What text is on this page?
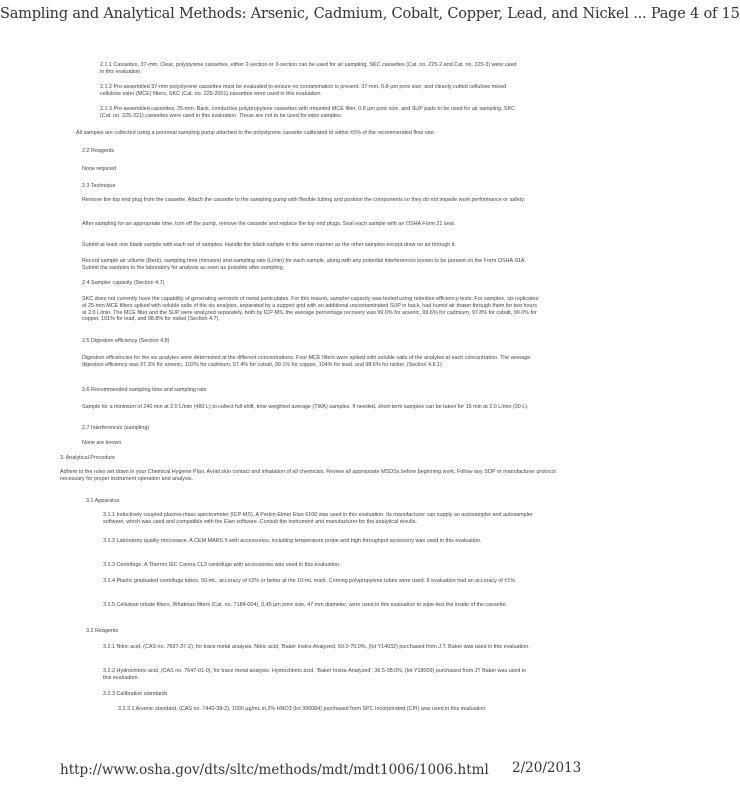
Sampling and Analytical Methods: Arsenic, Cadmium, Cobalt, Copper, Lead, and Nickel ... Page 4 of 15

2.1.1 Cassettes, 37-mm. Clear, polystyrene cassettes, either 2-section or 3-section can be used for air sampling. SKC cassettes (Cat. no. 225-2 and Cat. no. 225-3) were used in this evaluation.

2.1.2 Pre-assembled 37-mm polystyrene cassettes must be evaluated to ensure no contamination is present. 37-mm, 0.8-µm pore size, and cleanly cutted cellulose mixed cellulose ester (MCE) filters, SKC (Cat. no. 225-2001) cassettes were used in this evaluation.

2.1.3 Pre-assembled cassettes, 25-mm. Back, conductive polypropylene cassettes with mounted MCE filter, 0.8 µm pore size, and SUP pads to be used for air sampling. SKC (Cat. no. 225-321) cassettes were used in this evaluation. These are not to be used for wipe samples.

All samples are collected using a personal sampling pump attached to the polystyrene cassette calibrated to within ±5% of the recommended flow rate.

2.2 Reagents

None required

2.3 Technique

Remove the top end plug from the cassette. Attach the cassette to the sampling pump with flexible tubing and position the components so they do not impede work performance or safety.

After sampling for an appropriate time, turn off the pump, remove the cassette and replace the top end plugs. Seal each sample with an OSHA Form 21 seal.

Submit at least one blank sample with each set of samples. Handle the blank sample in the same manner as the other samples except draw no air through it.

Record sample air volume (liters), sampling time (minutes) and sampling rate (L/min) for each sample, along with any potential interferences known to be present on the Form OSHA-91A. Submit the samples to the laboratory for analysis as soon as possible after sampling.

2.4 Sampler capacity (Section 4.7)

SKC does not currently have the capability of generating aerosols of metal particulates. For this reason, sampler capacity was tested using retention efficiency tests. For samples, six replicates of 25-mm MCE filters spiked with soluble salts of the six analytes, separated by a support grid with an additional uncontaminated SUP in back, had humid air drawn through them for two hours at 2.0 L/min. The MCE filter and the SUP were analyzed separately, both by ICP-MS, the average percentage recovery was 99.0% for arsenic, 99.6% for cadmium, 97.8% for cobalt, 99.0% for copper, 101% for lead, and 98.8% for nickel (Section 4.7).

2.5 Digestion efficiency (Section 4.8)

Digestion efficiencies for the six analytes were determined at the different concentrations. Four MCE filters were spiked with soluble salts of the analytes at each concentration. The average digestion efficiency was 97.3% for arsenic, 102% for cadmium, 97.4% for cobalt, 99.1% for copper, 104% for lead, and 98.6% for nickel. (Section 4.8.1)

2.6 Recommended sampling time and sampling rate

Sample for a minimum of 240 min at 2.0 L/min (480 L) to collect full-shift, time weighted average (TWA) samples. If needed, short-term samples can be taken for 15 min at 2.0 L/min (30 L).

2.7 Interferences (sampling)

None are known

3. Analytical Procedure

Adhere to the rules set down in your Chemical Hygiene Plan. Avoid skin contact and inhalation of all chemicals. Review all appropriate MSDSs before beginning work. Follow any SOP or manufacturer protocol necessary for proper instrument operation and analysis.

3.1 Apparatus

3.1.1 Inductively coupled plasma-mass spectrometer (ICP-MS). A Perkin-Elmer Elan 6100 was used in this evaluation. Its manufacturer can supply an autosampler and autosampler software, which was used and compatible with the Elan software. Consult the instrument and manufacturer for the analytical results.

3.1.2 Laboratory quality microwave. A CEM MARS 5 with accessories, including temperature probe and high throughput accessory was used in this evaluation.

3.1.3 Centrifuge. A Thermo IEC Centra CL3 centrifuge with accessories was used in this evaluation.

3.1.4 Plastic graduated centrifuge tubes, 50-mL, accuracy of ±2% or better at the 10-mL mark. Corning polypropylene tubes were used. It evaluation had an accuracy of ±1%.

3.1.5 Cellulose nitrate filters, Whatman filters (Cat. no. 7184-004), 0.45 µm pore size, 47 mm diameter, were used in this evaluation to wipe-test the inside of the cassette.

3.2 Reagents

3.2.1 Nitric acid, (CAS no. 7697-37-2), for trace metal analysis. Nitric acid, 'Baker Instra-Analyzed, 69.0-70.0%, (lot Y14032) purchased from J.T. Baker was used in this evaluation.

3.2.2 Hydrochloric acid, (CAS no. 7647-01-0), for trace metal analysis. Hydrochloric acid, 'Baker Instra-Analyzed', 36.5-38.0%, (lot Y18009) purchased from JT Baker was used in this evaluation.

3.2.3 Calibration standards

3.2.3.1 Arsenic standard, (CAS no. 7440-38-2), 1000 µg/mL in 2% HNO3 (lot 390084) purchased from SPC Incorporated (CPI) was used in this evaluation.

http://www.osha.gov/dts/sltc/methods/mdt/mdt1006/1006.html 2/20/2013
